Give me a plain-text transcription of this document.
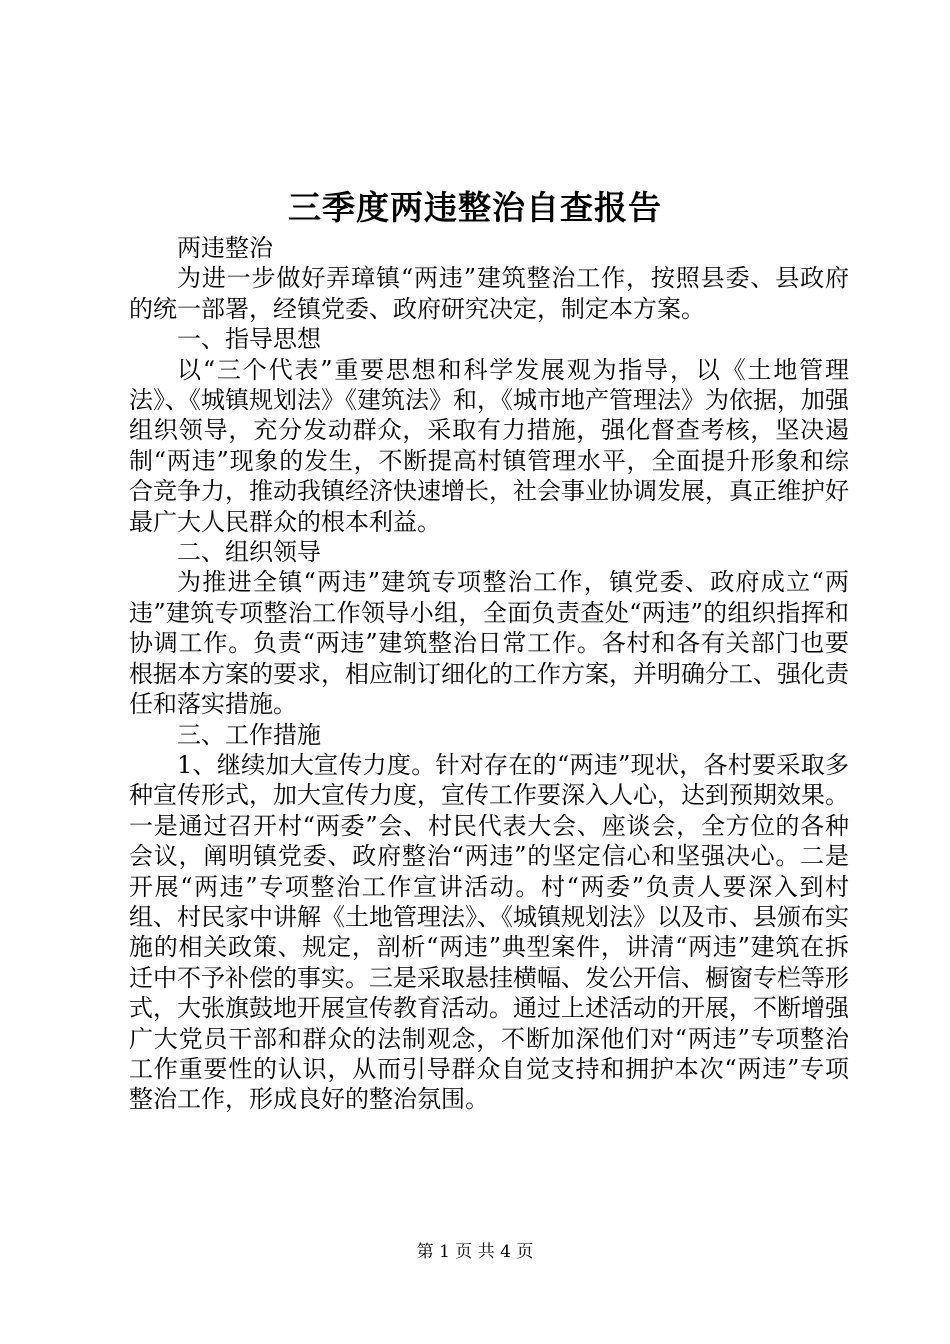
三季度两违整治自查报告

两违整治

为进一步做好弄璋镇“两违”建筑整治工作，按照县委、县政府的统一部署，经镇党委、政府研究决定，制定本方案。

一、指导思想

以“三个代表”重要思想和科学发展观为指导，以《土地管理法》、《城镇规划法》《建筑法》和，《城市地产管理法》为依据，加强组织领导，充分发动群众，采取有力措施，强化督查考核，坚决遏制“两违”现象的发生，不断提高村镇管理水平，全面提升形象和综合竞争力，推动我镇经济快速增长，社会事业协调发展，真正维护好最广大人民群众的根本利益。

二、组织领导

为推进全镇“两违”建筑专项整治工作，镇党委、政府成立“两违”建筑专项整治工作领导小组，全面负责查处“两违”的组织指挥和协调工作。负责“两违”建筑整治日常工作。各村和各有关部门也要根据本方案的要求，相应制订细化的工作方案，并明确分工、强化责任和落实措施。

三、工作措施

1、继续加大宣传力度。针对存在的“两违”现状，各村要采取多种宣传形式，加大宣传力度，宣传工作要深入人心，达到预期效果。一是通过召开村“两委”会、村民代表大会、座谈会，全方位的各种会议，阐明镇党委、政府整治“两违”的坚定信心和坚强决心。二是开展“两违”专项整治工作宣讲活动。村“两委”负责人要深入到村组、村民家中讲解《土地管理法》、《城镇规划法》以及市、县颁布实施的相关政策、规定，剖析“两违”典型案件，讲清“两违”建筑在拆迁中不予补偿的事实。三是采取悬挂横幅、发公开信、橱窗专栏等形式，大张旗鼓地开展宣传教育活动。通过上述活动的开展，不断增强广大党员干部和群众的法制观念，不断加深他们对“两违”专项整治工作重要性的认识，从而引导群众自觉支持和拥护本次“两违”专项整治工作，形成良好的整治氛围。

第 1 页 共 4 页
